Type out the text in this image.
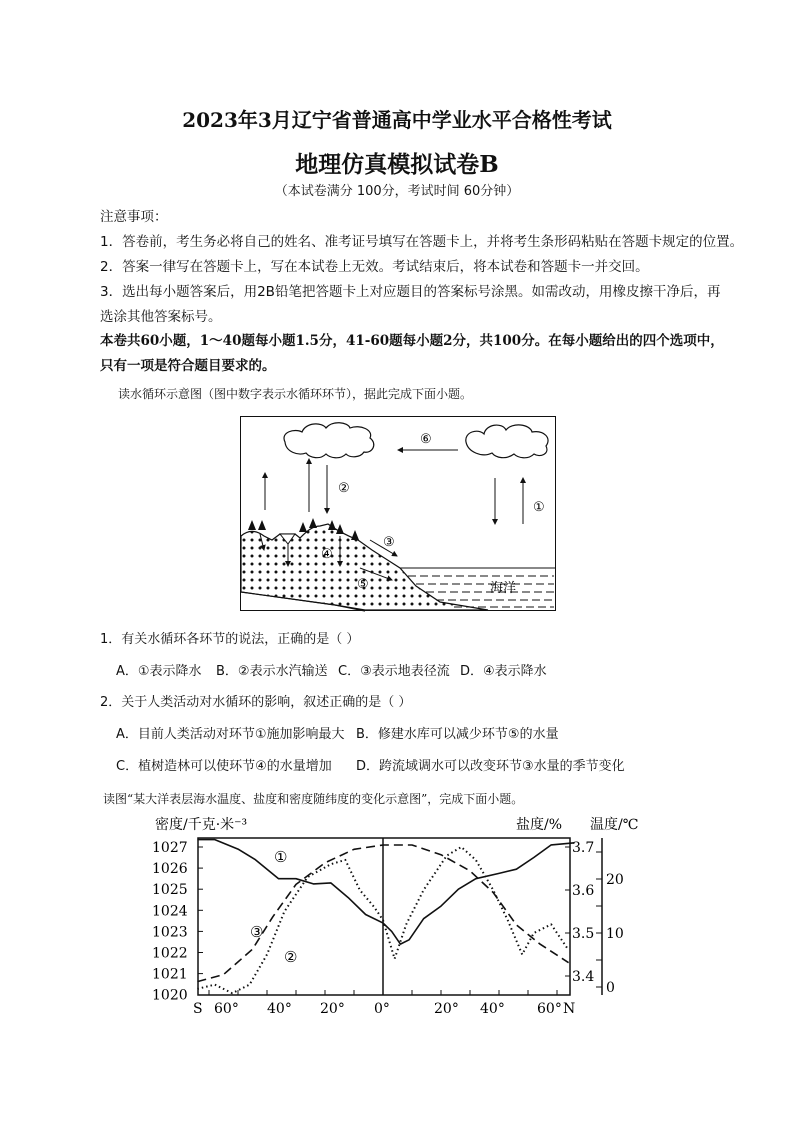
2023年3月辽宁省普通高中学业水平合格性考试
地理仿真模拟试卷B
（本试卷满分 100分，考试时间 60分钟）
注意事项：
1．答卷前，考生务必将自己的姓名、准考证号填写在答题卡上，并将考生条形码粘贴在答题卡规定的位置。
2．答案一律写在答题卡上，写在本试卷上无效。考试结束后，将本试卷和答题卡一并交回。
3．选出每小题答案后，用2B铅笔把答题卡上对应题目的答案标号涂黑。如需改动，用橡皮擦干净后，再
选涂其他答案标号。
本卷共60小题，1～40题每小题1.5分，41-60题每小题2分，共100分。在每小题给出的四个选项中，
只有一项是符合题目要求的。
读水循环示意图（图中数字表示水循环环节），据此完成下面小题。
⑥
②
①
③
④
⑤	海洋
1．有关水循环各环节的说法，正确的是（ ）
A．①表示降水 B．②表示水汽输送 C．③表示地表径流 D．④表示降水
2．关于人类活动对水循环的影响，叙述正确的是（ ）
A．目前人类活动对环节①施加影响最大 B．修建水库可以减少环节⑤的水量
C．植树造林可以使环节④的水量增加 D．跨流域调水可以改变环节③水量的季节变化
读图“某大洋表层海水温度、盐度和密度随纬度的变化示意图”，完成下面小题。
密度/千克·米⁻³	盐度/% 温度/℃
1027
1026
1025
1024
1023
1022
1021
1020
3.7
3.6
3.5
3.4
20
10
0
S 60° 40° 20° 0°	20° 40° 60° N
①
②
③
